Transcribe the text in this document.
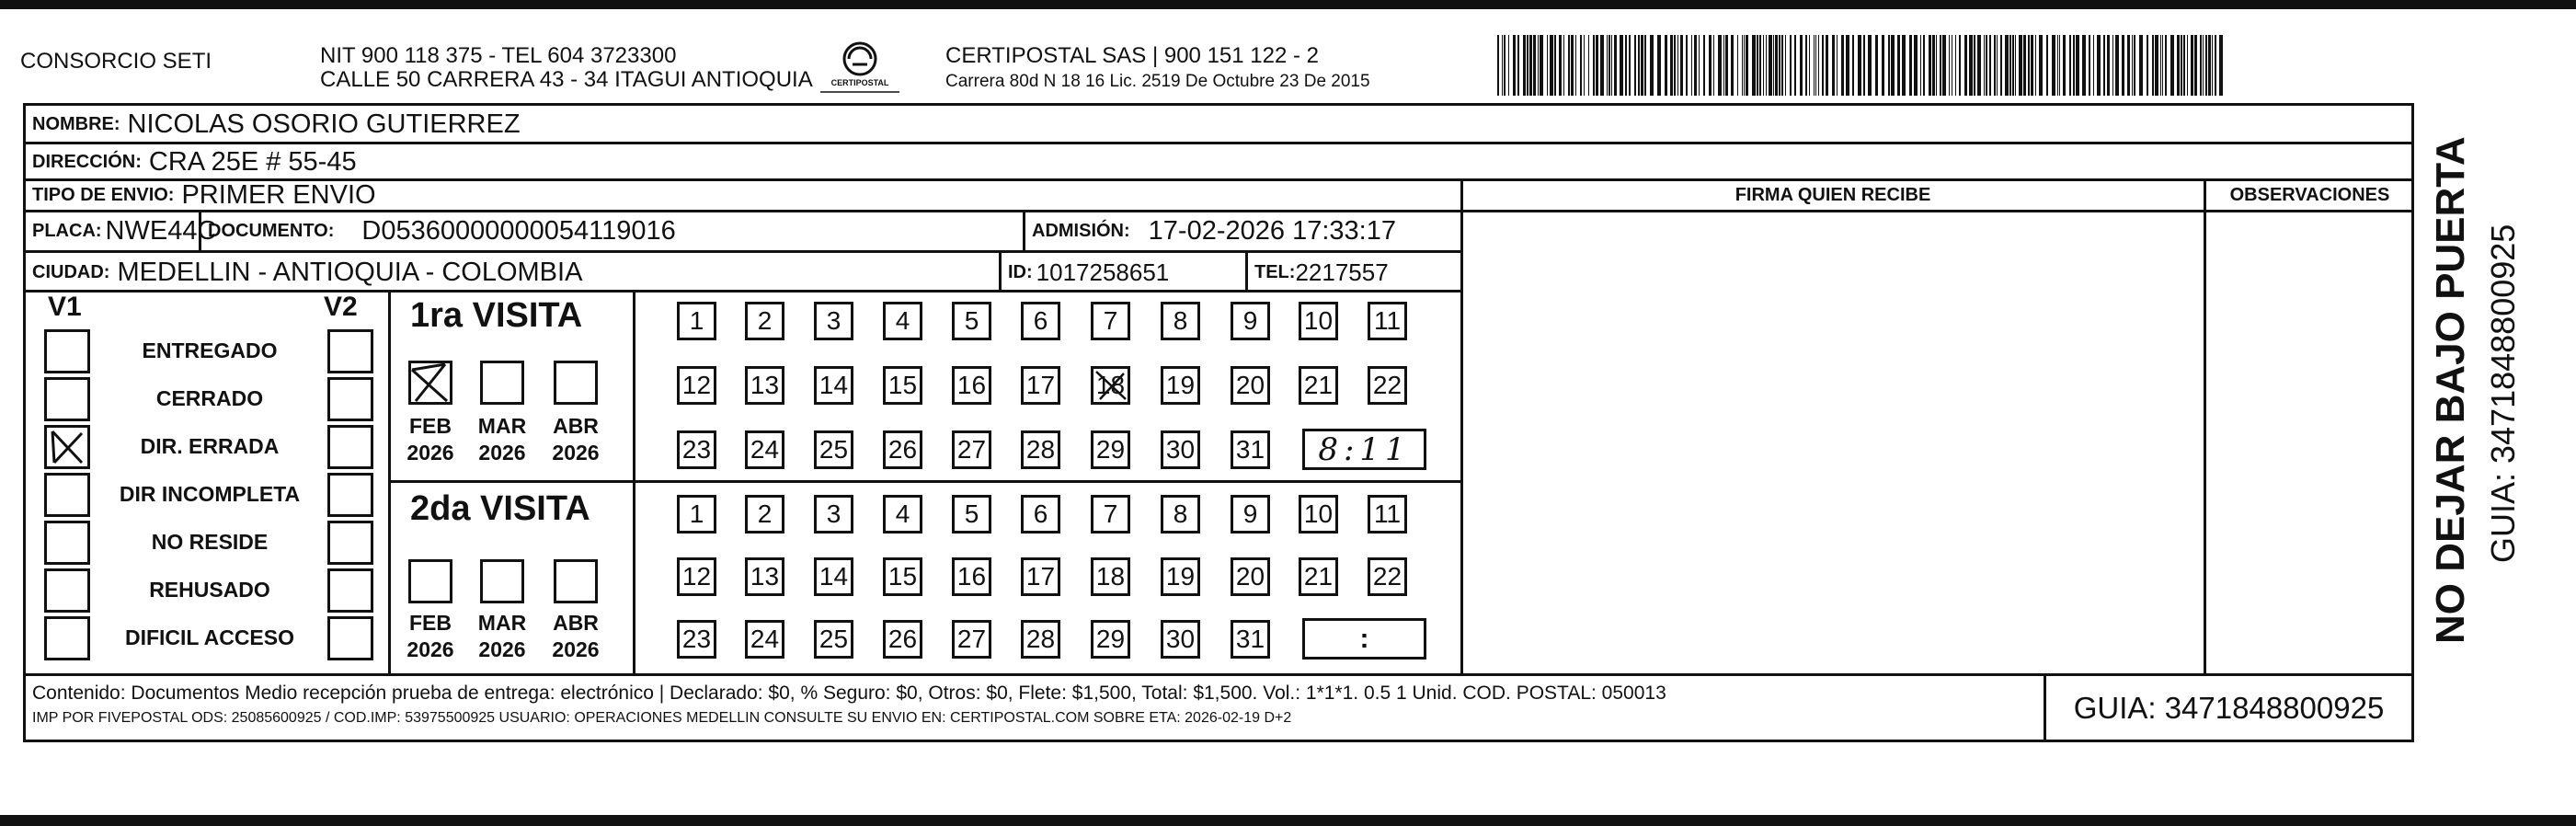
CONSORCIO SETI	NIT 900 118 375 - TEL 604 3723300
CALLE 50 CARRERA 43 - 34 ITAGUI ANTIOQUIA	CERTIPOSTAL
CERTIPOSTAL SAS | 900 151 122 - 2
Carrera 80d N 18 16 Lic. 2519 De Octubre 23 De 2015
NOMBRE: NICOLAS OSORIO GUTIERREZ
DIRECCIÓN: CRA 25E # 55-45
TIPO DE ENVIO: PRIMER ENVIO	FIRMA QUIEN RECIBE	OBSERVACIONES
PLACA: NWE44C
DOCUMENTO: D05360000000054119016	ADMISIÓN: 17-02-2026 17:33:17
CIUDAD: MEDELLIN - ANTIOQUIA - COLOMBIA	ID: 1017258651	TEL: 2217557
V1	V2
ENTREGADO
CERRADO
DIR. ERRADA
DIR INCOMPLETA
NO RESIDE
REHUSADO
DIFICIL ACCESO
1ra VISITA
2da VISITA
FEB
2026
MAR
2026
ABR
2026
FEB
2026
MAR
2026
ABR
2026
1	2	3	4	5	6	7	8	9	10 11
12 13 14 15 16 17 18 19 20 21 22
23 24 25 26 27 28 29 30 31
1	2	3	4	5	6	7	8	9	10 11
12 13 14 15 16 17 18 19 20 21 22
23 24 25 26 27 28 29 30 31
8:11
:
Contenido: Documentos Medio recepción prueba de entrega: electrónico | Declarado: $0, % Seguro: $0, Otros: $0, Flete: $1,500, Total: $1,500. Vol.: 1*1*1. 0.5 1 Unid. COD. POSTAL: 050013
IMP POR FIVEPOSTAL ODS: 25085600925 / COD.IMP: 53975500925 USUARIO: OPERACIONES MEDELLIN CONSULTE SU ENVIO EN: CERTIPOSTAL.COM SOBRE ETA: 2026-02-19 D+2	GUIA: 3471848800925
NO DEJAR BAJO PUERTA GUIA: 3471848800925
